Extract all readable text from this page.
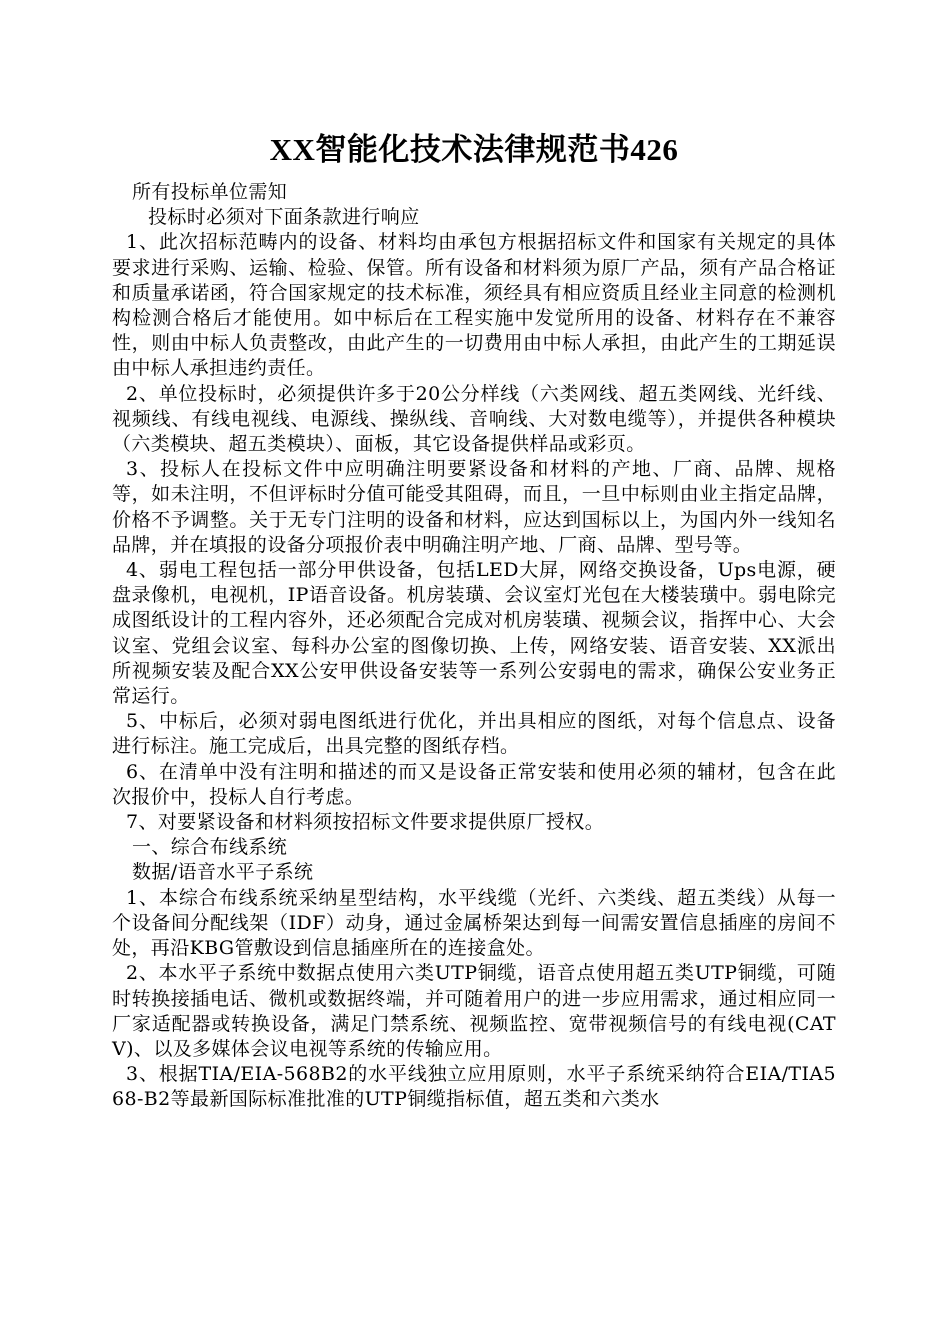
XX智能化技术法律规范书426

所有投标单位需知

投标时必须对下面条款进行响应

1、此次招标范畴内的设备、材料均由承包方根据招标文件和国家有关规定的具体要求进行采购、运输、检验、保管。所有设备和材料须为原厂产品，须有产品合格证和质量承诺函，符合国家规定的技术标准，须经具有相应资质且经业主同意的检测机构检测合格后才能使用。如中标后在工程实施中发觉所用的设备、材料存在不兼容性，则由中标人负责整改，由此产生的一切费用由中标人承担，由此产生的工期延误由中标人承担违约责任。

2、单位投标时，必须提供许多于20公分样线（六类网线、超五类网线、光纤线、视频线、有线电视线、电源线、操纵线、音响线、大对数电缆等），并提供各种模块（六类模块、超五类模块）、面板，其它设备提供样品或彩页。

3、投标人在投标文件中应明确注明要紧设备和材料的产地、厂商、品牌、规格等，如未注明，不但评标时分值可能受其阻碍，而且，一旦中标则由业主指定品牌，价格不予调整。关于无专门注明的设备和材料，应达到国标以上，为国内外一线知名品牌，并在填报的设备分项报价表中明确注明产地、厂商、品牌、型号等。

4、弱电工程包括一部分甲供设备，包括LED大屏，网络交换设备，Ups电源，硬盘录像机，电视机，IP语音设备。机房装璜、会议室灯光包在大楼装璜中。弱电除完成图纸设计的工程内容外，还必须配合完成对机房装璜、视频会议，指挥中心、大会议室、党组会议室、每科办公室的图像切换、上传，网络安装、语音安装、XX派出所视频安装及配合XX公安甲供设备安装等一系列公安弱电的需求，确保公安业务正常运行。

5、中标后，必须对弱电图纸进行优化，并出具相应的图纸，对每个信息点、设备进行标注。施工完成后，出具完整的图纸存档。

6、在清单中没有注明和描述的而又是设备正常安装和使用必须的辅材，包含在此次报价中，投标人自行考虑。

7、对要紧设备和材料须按招标文件要求提供原厂授权。

一、综合布线系统

数据/语音水平子系统

1、本综合布线系统采纳星型结构，水平线缆（光纤、六类线、超五类线）从每一个设备间分配线架（IDF）动身，通过金属桥架达到每一间需安置信息插座的房间不处，再沿KBG管敷设到信息插座所在的连接盒处。

2、本水平子系统中数据点使用六类UTP铜缆，语音点使用超五类UTP铜缆，可随时转换接插电话、微机或数据终端，并可随着用户的进一步应用需求，通过相应同一厂家适配器或转换设备，满足门禁系统、视频监控、宽带视频信号的有线电视(CATV)、以及多媒体会议电视等系统的传输应用。

3、根据TIA/EIA-568B2的水平线独立应用原则，水平子系统采纳符合EIA/TIA568-B2等最新国际标准批准的UTP铜缆指标值，超五类和六类水
